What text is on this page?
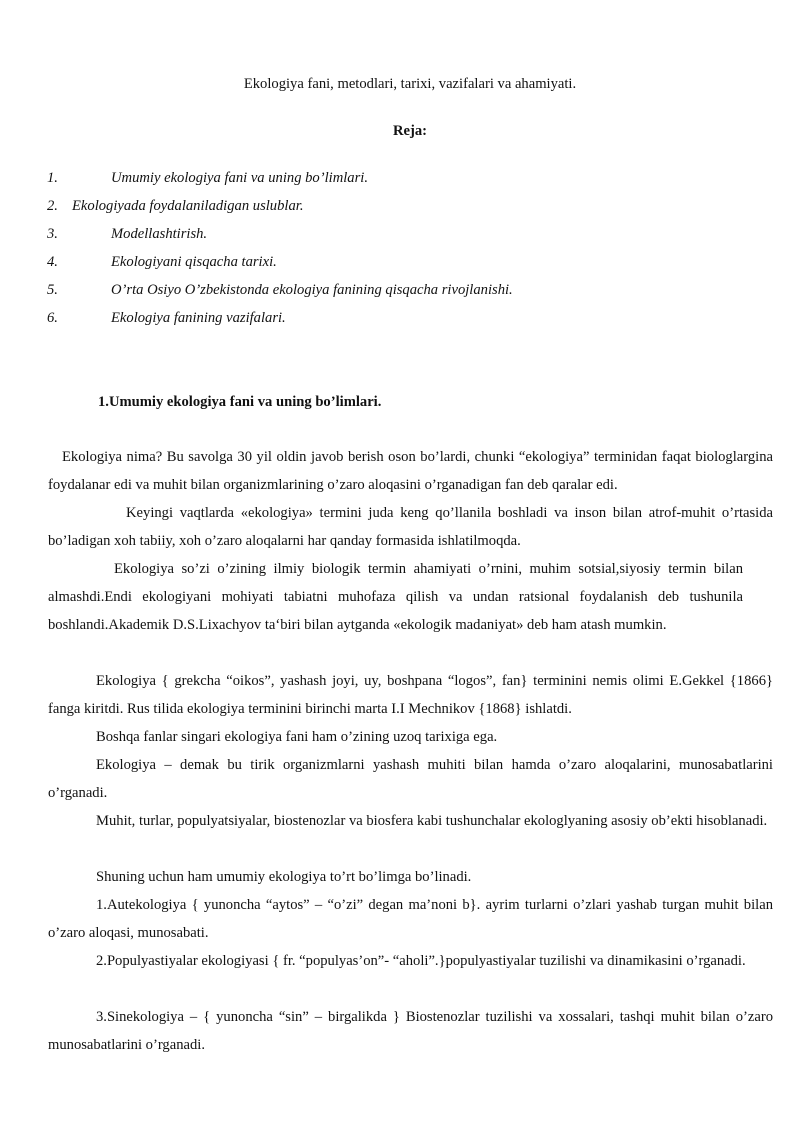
Ekologiya fani, metodlari, tarixi, vazifalari va ahamiyati.
Reja:
1.	Umumiy ekologiya fani va uning bo’limlari.
2. Ekologiyada foydalaniladigan uslublar.
3.	Modellashtirish.
4.	Ekologiyani qisqacha tarixi.
5.	O’rta Osiyo O’zbekistonda ekologiya fanining qisqacha rivojlanishi.
6.	Ekologiya fanining vazifalari.
1.Umumiy ekologiya fani va uning bo’limlari.

Ekologiya nima? Bu savolga 30 yil oldin javob berish oson bo’lardi, chunki “ekologiya” terminidan faqat biologlargina foydalanar edi va muhit bilan organizmlarining o’zaro aloqasini o’rganadigan fan deb qaralar edi.

Keyingi vaqtlarda «ekologiya» termini juda keng qo’llanila boshladi va inson bilan atrof-muhit o’rtasida bo’ladigan xoh tabiiy, xoh o’zaro aloqalarni har qanday formasida ishlatilmoqda.

Ekologiya so’zi o’zining ilmiy biologik termin ahamiyati o’rnini, muhim sotsial,siyosiy termin bilan almashdi.Endi ekologiyani mohiyati tabiatni muhofaza qilish va undan ratsional foydalanish deb tushunila boshlandi.Akademik D.S.Lixachyov ta‘biri bilan aytganda «ekologik madaniyat» deb ham atash mumkin.

Ekologiya { grekcha “oikos”, yashash joyi, uy, boshpana “logos”, fan} terminini nemis olimi E.Gekkel {1866} fanga kiritdi. Rus tilida ekologiya terminini birinchi marta I.I Mechnikov {1868} ishlatdi.

Boshqa fanlar singari ekologiya fani ham o’zining uzoq tarixiga ega.

Ekologiya – demak bu tirik organizmlarni yashash muhiti bilan hamda o’zaro aloqalarini, munosabatlarini o’rganadi.

Muhit, turlar, populyatsiyalar, biostenozlar va biosfera kabi tushunchalar ekologlyaning asosiy ob’ekti hisoblanadi.

Shuning uchun ham umumiy ekologiya to’rt bo’limga bo’linadi.

1.Autekologiya { yunoncha “aytos” – “o’zi” degan ma’noni b}. ayrim turlarni o’zlari yashab turgan muhit bilan o’zaro aloqasi, munosabati.

2.Populyastiyalar ekologiyasi { fr. “populyas’on”- “aholi”.}populyastiyalar tuzilishi va dinamikasini o’rganadi.

3.Sinekologiya – { yunoncha “sin” – birgalikda } Biostenozlar tuzilishi va xossalari, tashqi muhit bilan o’zaro munosabatlarini o’rganadi.
